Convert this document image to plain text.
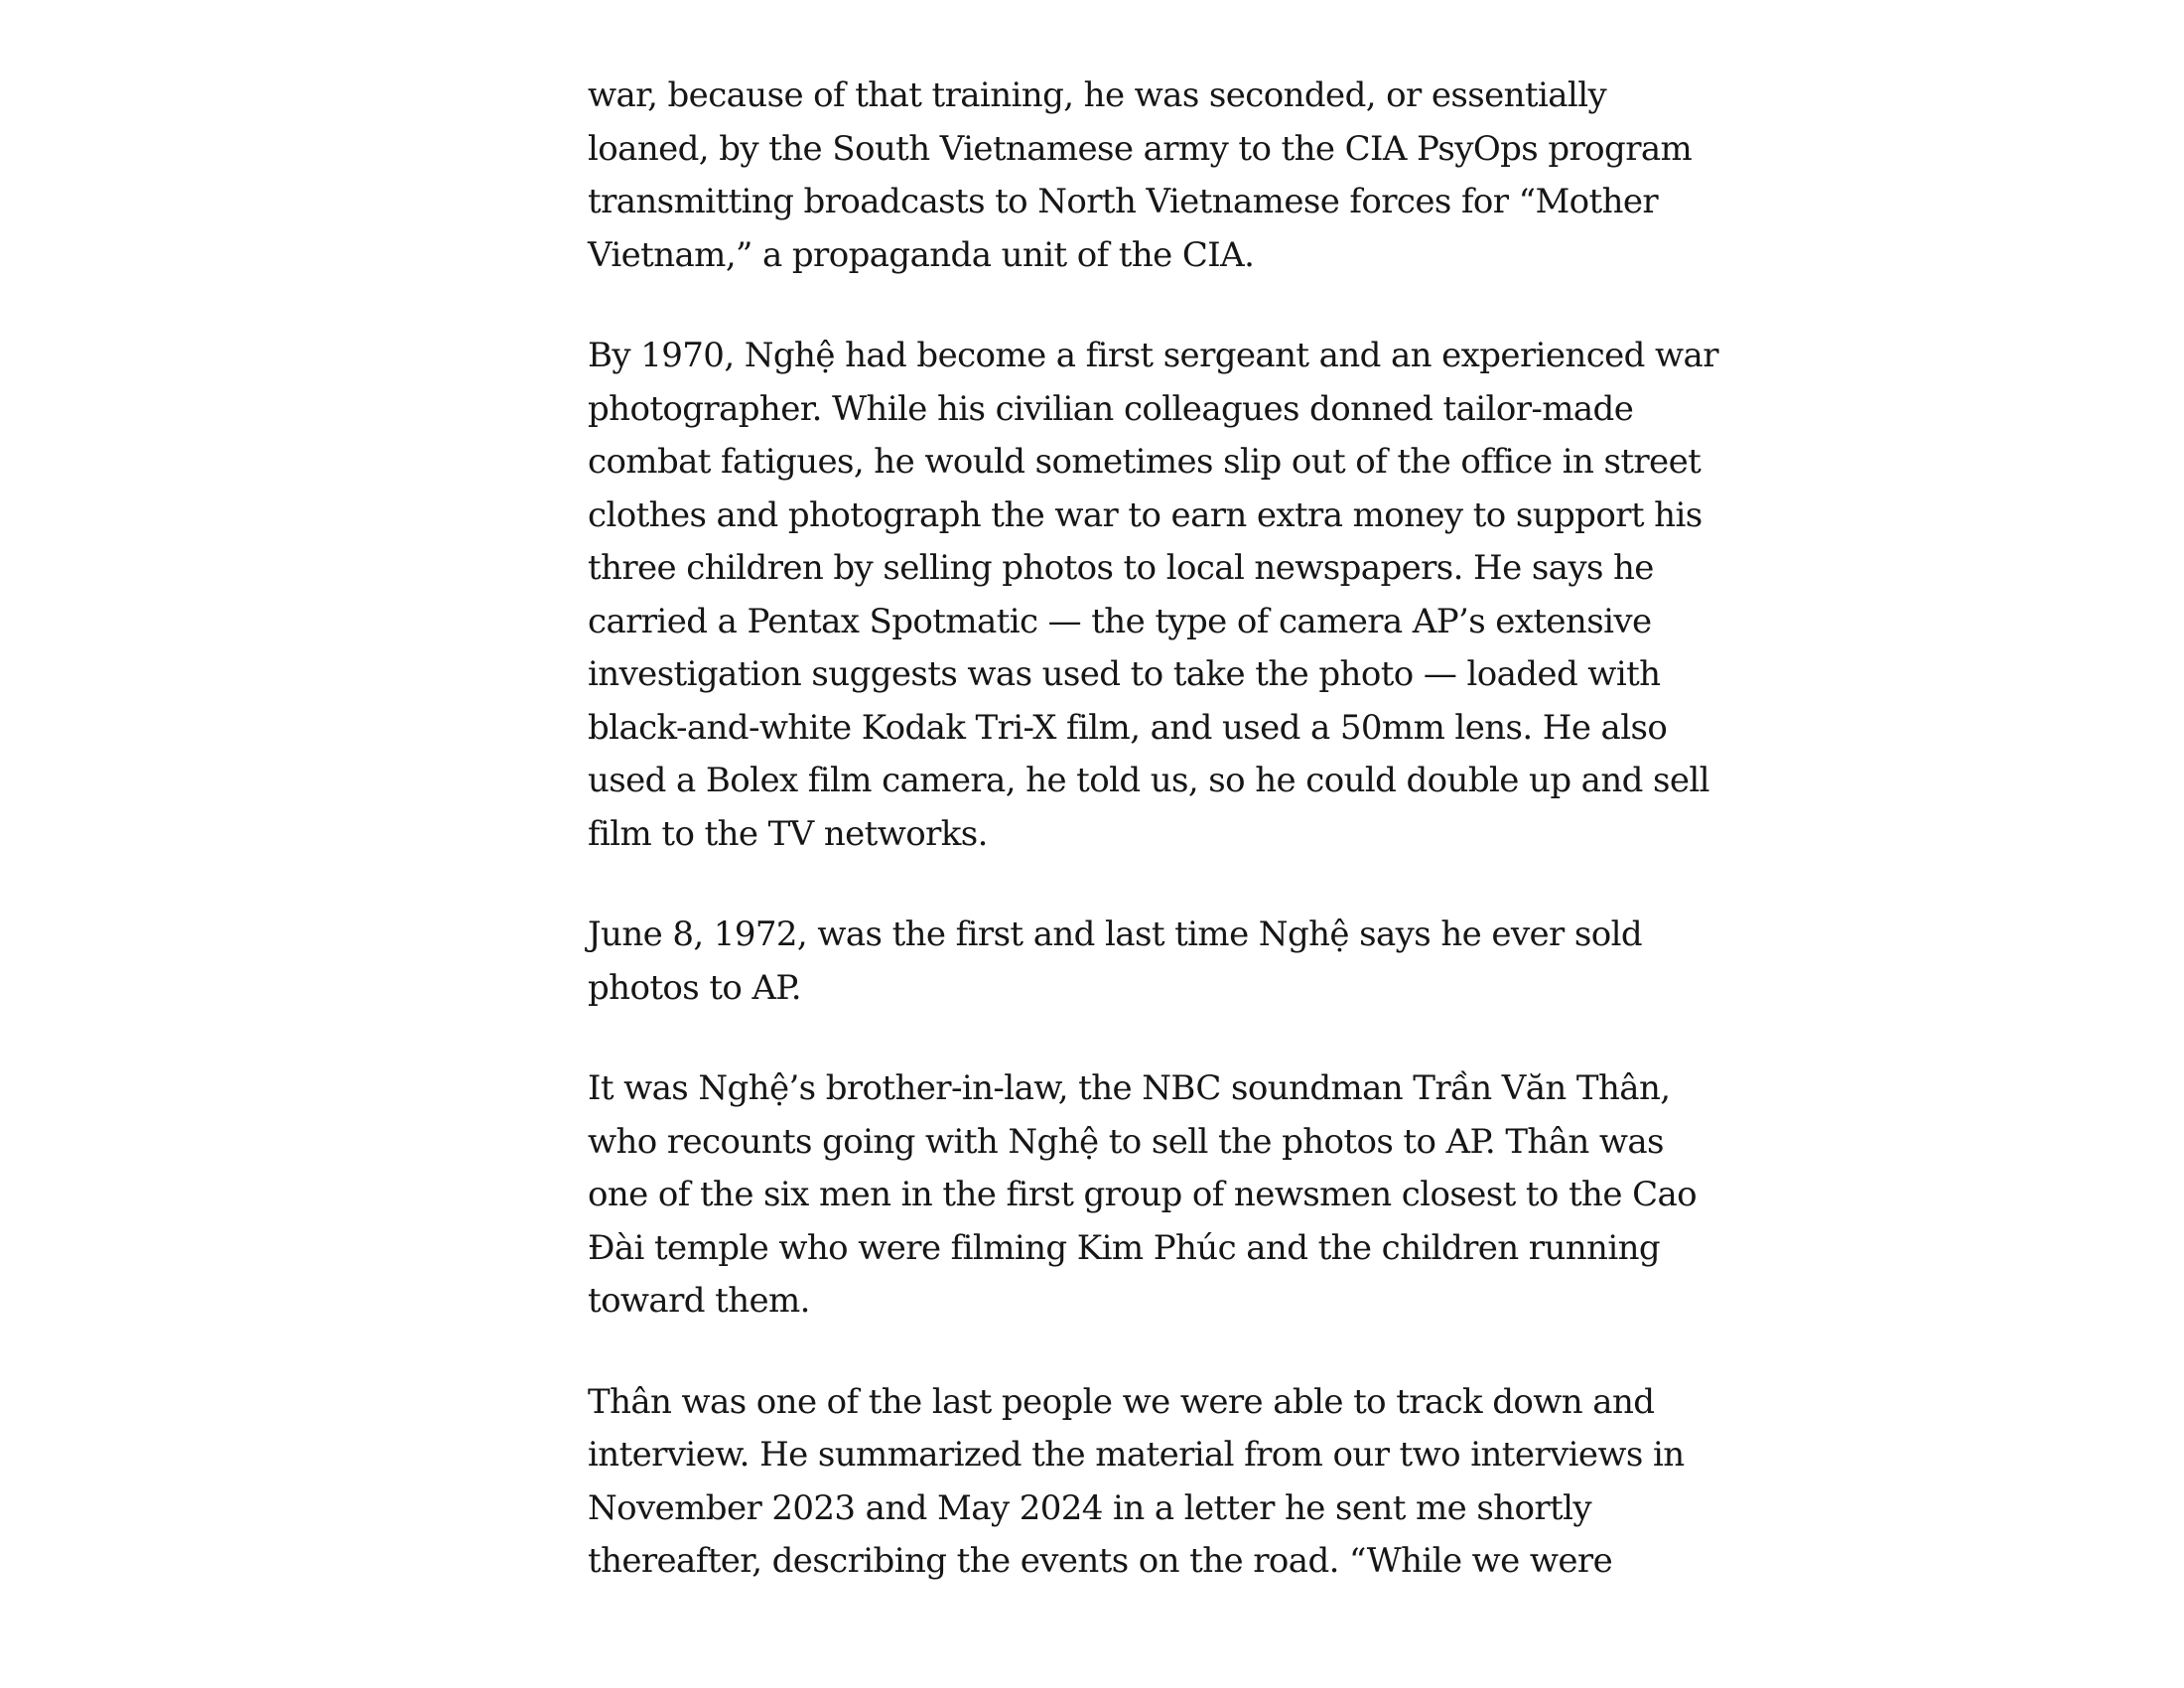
war, because of that training, he was seconded, or essentially
loaned, by the South Vietnamese army to the CIA PsyOps program
transmitting broadcasts to North Vietnamese forces for “Mother
Vietnam,” a propaganda unit of the CIA.

By 1970, Nghệ had become a first sergeant and an experienced war
photographer. While his civilian colleagues donned tailor-made
combat fatigues, he would sometimes slip out of the office in street
clothes and photograph the war to earn extra money to support his
three children by selling photos to local newspapers. He says he
carried a Pentax Spotmatic — the type of camera AP’s extensive
investigation suggests was used to take the photo — loaded with
black-and-white Kodak Tri-X film, and used a 50mm lens. He also
used a Bolex film camera, he told us, so he could double up and sell
film to the TV networks.

June 8, 1972, was the first and last time Nghệ says he ever sold
photos to AP.

It was Nghệ’s brother-in-law, the NBC soundman Trần Văn Thân,
who recounts going with Nghệ to sell the photos to AP. Thân was
one of the six men in the first group of newsmen closest to the Cao
Đài temple who were filming Kim Phúc and the children running
toward them.

Thân was one of the last people we were able to track down and
interview. He summarized the material from our two interviews in
November 2023 and May 2024 in a letter he sent me shortly
thereafter, describing the events on the road. “While we were
